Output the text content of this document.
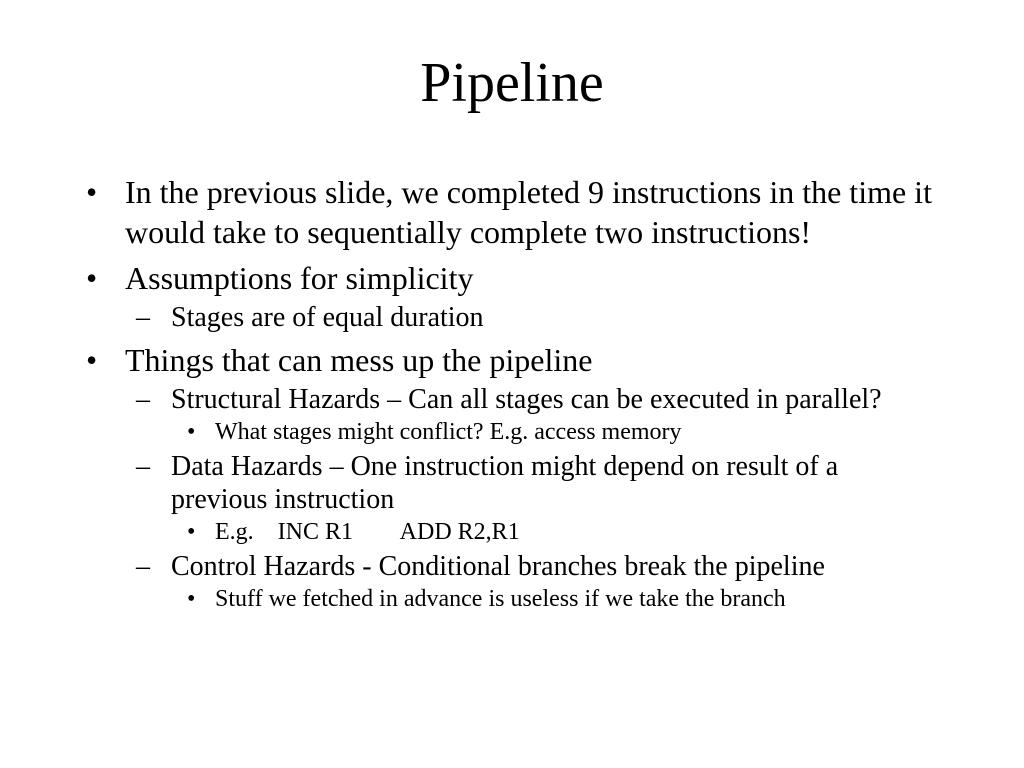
Pipeline

• In the previous slide, we completed 9 instructions in the time it would take to sequentially complete two instructions!

• Assumptions for simplicity

– Stages are of equal duration

• Things that can mess up the pipeline

– Structural Hazards – Can all stages can be executed in parallel?

• What stages might conflict? E.g. access memory

– Data Hazards – One instruction might depend on result of a previous instruction

• E.g.    INC R1        ADD R2,R1

– Control Hazards - Conditional branches break the pipeline

• Stuff we fetched in advance is useless if we take the branch
